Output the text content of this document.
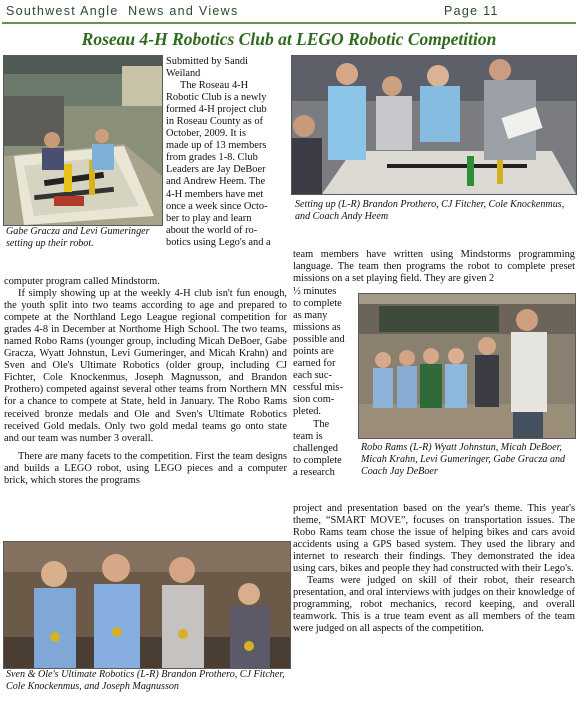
Southwest Angle  News and Views	Page 11
Roseau 4-H Robotics Club at LEGO Robotic Competition
Gabe Gracza and Levi Gumeringer setting up their robot.
Submitted by Sandi
Weiland
The Roseau 4-H
Robotic Club is a newly
formed 4-H project club
in Roseau County as of
October, 2009. It is
made up of 13 members
from grades 1-8. Club
Leaders are Jay DeBoer
and Andrew Heem. The
4-H members have met
once a week since Octo-
ber to play and learn
about the world of ro-
botics using Lego's and a

computer program called Mindstorm.

If simply showing up at the weekly 4-H club isn't fun enough, the youth split into two teams according to age and prepared to compete at the Northland Lego League regional competition for grades 4-8 in December at Northome High School. The two teams, named Robo Rams (younger group, including Micah DeBoer, Gabe Gracza, Wyatt Johnstun, Levi Gumeringer, and Micah Krahn) and Sven and Ole's Ultimate Robotics (older group, including CJ Fichter, Cole Knockenmus, Joseph Magnusson, and Brandon Prothero) competed against several other teams from Northern MN for a chance to compete at State, held in January. The Robo Rams received bronze medals and Ole and Sven's Ultimate Robotics received Gold medals. Only two gold medal teams go onto state and our team was number 3 overall.

There are many facets to the competition. First the team designs and builds a LEGO robot, using LEGO pieces and a computer brick, which stores the programs

Sven & Ole's Ultimate Robotics (L-R) Brandon Prothero, CJ Fitcher, Cole Knockenmus, and Joseph Magnusson
Setting up (L-R) Brandon Prothero, CJ Fitcher, Cole Knockenmus, and Coach Andy Heem

team members have written using Mindstorms programming language. The team then programs the robot to complete preset missions on a set playing field. They are given 2

½ minutes
to complete
as many
missions as
possible and
points are
earned for
each suc-
cessful mis-
sion com-
pleted.
The
team is
challenged
to complete
a research
Robo Rams (L-R) Wyatt Johnstun, Micah DeBoer, Micah Krahn, Levi Gumeringer, Gabe Gracza and Coach Jay DeBoer

project and presentation based on the year's theme. This year's theme, “SMART MOVE”, focuses on transportation issues. The Robo Rams team chose the issue of helping bikes and cars avoid accidents using a GPS based system. They used the library and internet to research their findings. They demonstrated the idea using cars, bikes and people they had constructed with their Lego's.

Teams were judged on skill of their robot, their research presentation, and oral interviews with judges on their knowledge of programming, robot mechanics, record keeping, and overall teamwork. This is a true team event as all members of the team were judged on all aspects of the competition.
